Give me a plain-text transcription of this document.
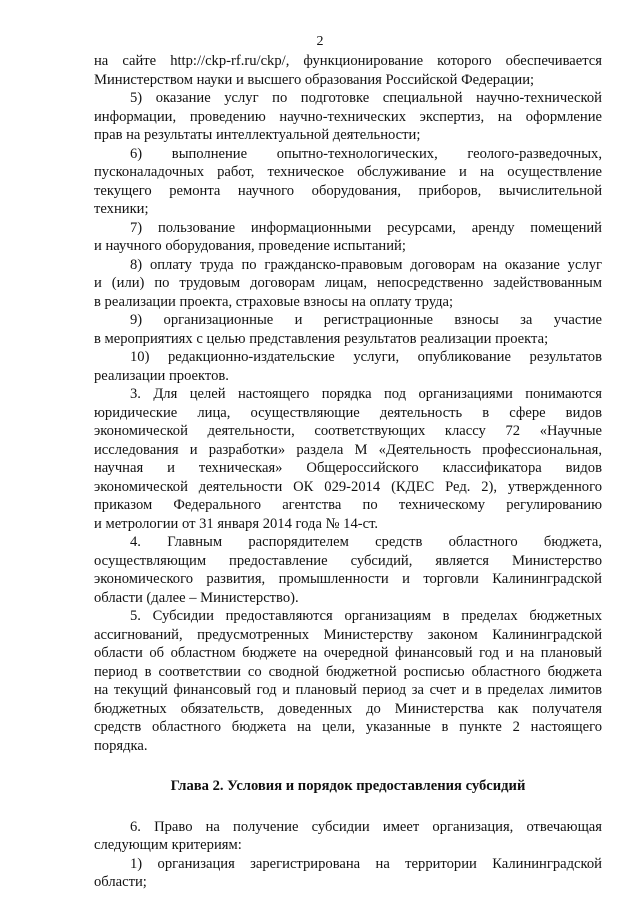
2
на сайте http://ckp-rf.ru/ckp/, функционирование которого обеспечивается
Министерством науки и высшего образования Российской Федерации;
5) оказание услуг по подготовке специальной научно-технической
информации, проведению научно-технических экспертиз, на оформление
прав на результаты интеллектуальной деятельности;
6) выполнение опытно-технологических, геолого-разведочных,
пусконаладочных работ, техническое обслуживание и на осуществление
текущего ремонта научного оборудования, приборов, вычислительной
техники;
7) пользование информационными ресурсами, аренду помещений
и научного оборудования, проведение испытаний;
8) оплату труда по гражданско-правовым договорам на оказание услуг
и (или) по трудовым договорам лицам, непосредственно задействованным
в реализации проекта, страховые взносы на оплату труда;
9) организационные и регистрационные взносы за участие
в мероприятиях с целью представления результатов реализации проекта;
10) редакционно-издательские услуги, опубликование результатов
реализации проектов.
3. Для целей настоящего порядка под организациями понимаются
юридические лица, осуществляющие деятельность в сфере видов
экономической деятельности, соответствующих классу 72 «Научные
исследования и разработки» раздела М «Деятельность профессиональная,
научная и техническая» Общероссийского классификатора видов
экономической деятельности ОК 029-2014 (КДЕС Ред. 2), утвержденного
приказом Федерального агентства по техническому регулированию
и метрологии от 31 января 2014 года № 14-ст.
4. Главным распорядителем средств областного бюджета,
осуществляющим предоставление субсидий, является Министерство
экономического развития, промышленности и торговли Калининградской
области (далее – Министерство).
5. Субсидии предоставляются организациям в пределах бюджетных
ассигнований, предусмотренных Министерству законом Калининградской
области об областном бюджете на очередной финансовый год и на плановый
период в соответствии со сводной бюджетной росписью областного бюджета
на текущий финансовый год и плановый период за счет и в пределах лимитов
бюджетных обязательств, доведенных до Министерства как получателя
средств областного бюджета на цели, указанные в пункте 2 настоящего
порядка.
Глава 2. Условия и порядок предоставления субсидий
6. Право на получение субсидии имеет организация, отвечающая
следующим критериям:
1) организация зарегистрирована на территории Калининградской
области;
